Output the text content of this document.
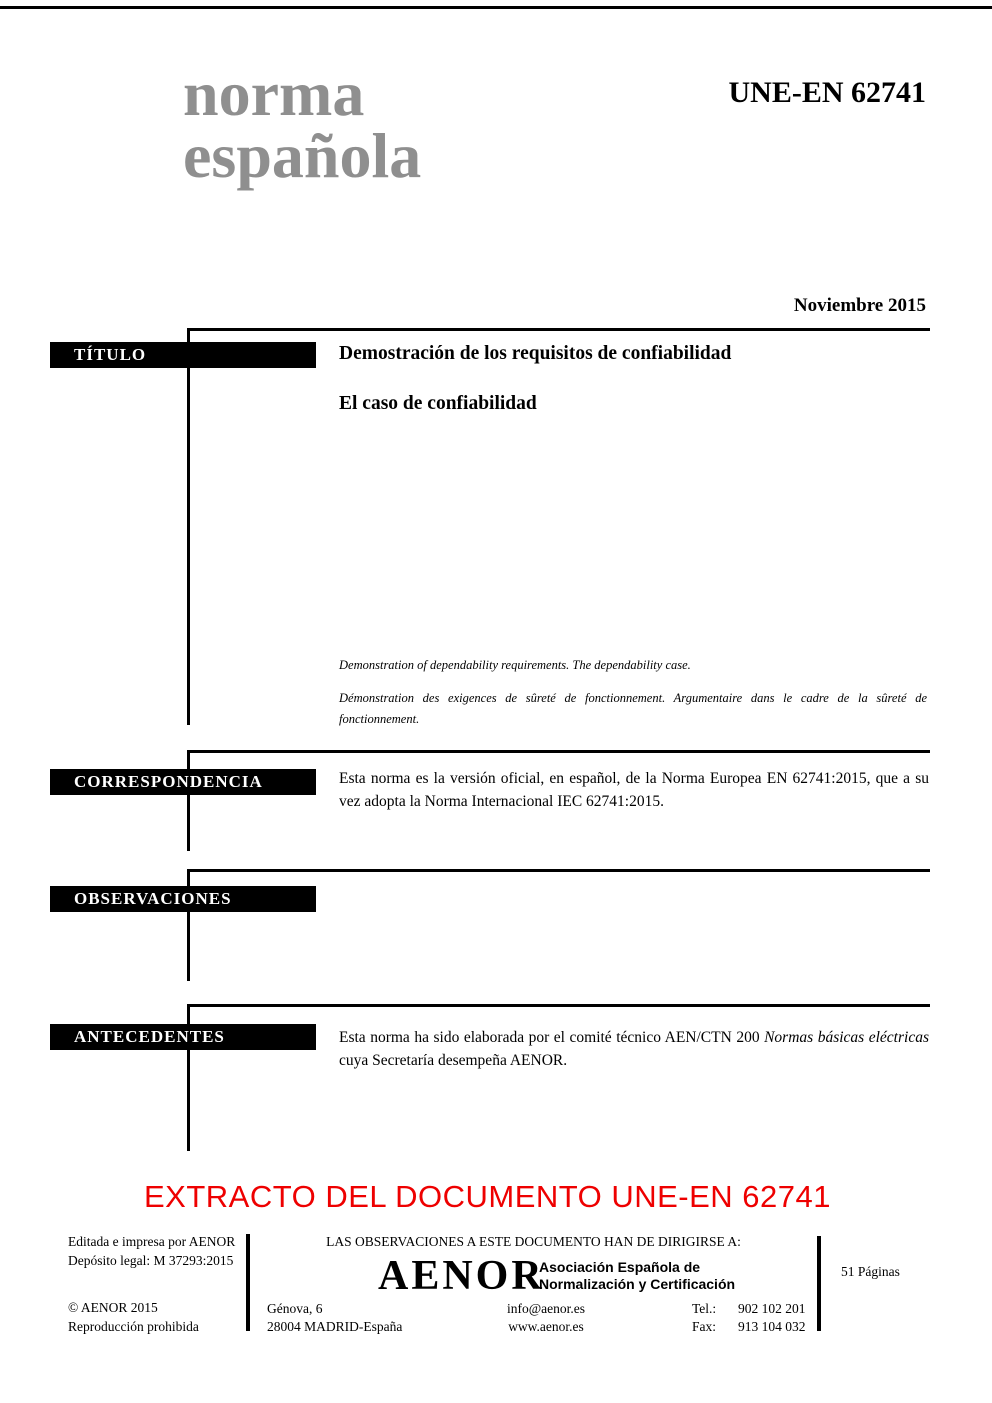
norma
española
UNE-EN 62741
Noviembre 2015
TÍTULO	Demostración de los requisitos de confiabilidad
El caso de confiabilidad
Demonstration of dependability requirements. The dependability case.
Démonstration des exigences de sûreté de fonctionnement. Argumentaire dans le cadre de la sûreté de fonctionnement.
CORRESPONDENCIA	Esta norma es la versión oficial, en español, de la Norma Europea EN 62741:2015, que a su vez adopta la Norma Internacional IEC 62741:2015.
OBSERVACIONES
ANTECEDENTES	Esta norma ha sido elaborada por el comité técnico AEN/CTN 200 Normas básicas eléctricas cuya Secretaría desempeña AENOR.
EXTRACTO DEL DOCUMENTO UNE-EN 62741
Editada e impresa por AENOR
Depósito legal: M 37293:2015
© AENOR 2015
Reproducción prohibida
LAS OBSERVACIONES A ESTE DOCUMENTO HAN DE DIRIGIRSE A:
AENOR
Asociación Española de
Normalización y Certificación
Génova, 6
28004 MADRID-España
info@aenor.es
www.aenor.es
Tel.:	902 102 201
Fax:	913 104 032
51 Páginas
